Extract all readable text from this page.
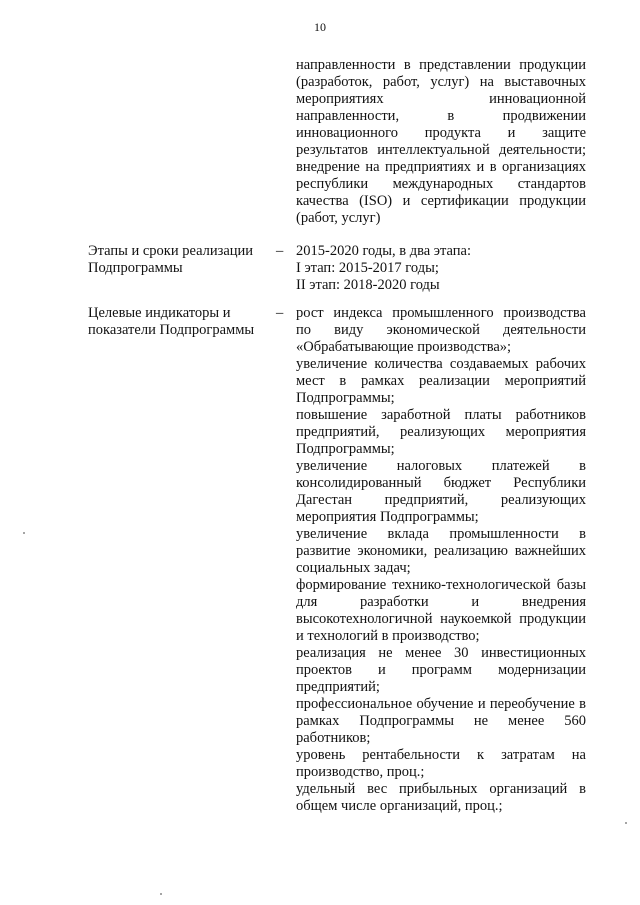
10
направленности в представлении продукции
(разработок, работ, услуг) на выставочных
мероприятиях инновационной
направленности, в продвижении
инновационного продукта и защите
результатов интеллектуальной деятельности;
внедрение на предприятиях и в организациях
республики международных стандартов
качества (ISO) и сертификации продукции
(работ, услуг)
Этапы и сроки реализации Подпрограммы
– 2015-2020 годы, в два этапа:
I этап: 2015-2017 годы;
II этап: 2018-2020 годы
Целевые индикаторы и показатели Подпрограммы
– рост индекса промышленного производства по виду экономической деятельности «Обрабатывающие производства»;
увеличение количества создаваемых рабочих мест в рамках реализации мероприятий Подпрограммы;
повышение заработной платы работников предприятий, реализующих мероприятия Подпрограммы;
увеличение налоговых платежей в консолидированный бюджет Республики Дагестан предприятий, реализующих мероприятия Подпрограммы;
увеличение вклада промышленности в развитие экономики, реализацию важнейших социальных задач;
формирование технико-технологической базы для разработки и внедрения высокотехнологичной наукоемкой продукции и технологий в производство;
реализация не менее 30 инвестиционных проектов и программ модернизации предприятий;
профессиональное обучение и переобучение в рамках Подпрограммы не менее 560 работников;
уровень рентабельности к затратам на производство, проц.;
удельный вес прибыльных организаций в общем числе организаций, проц.;
